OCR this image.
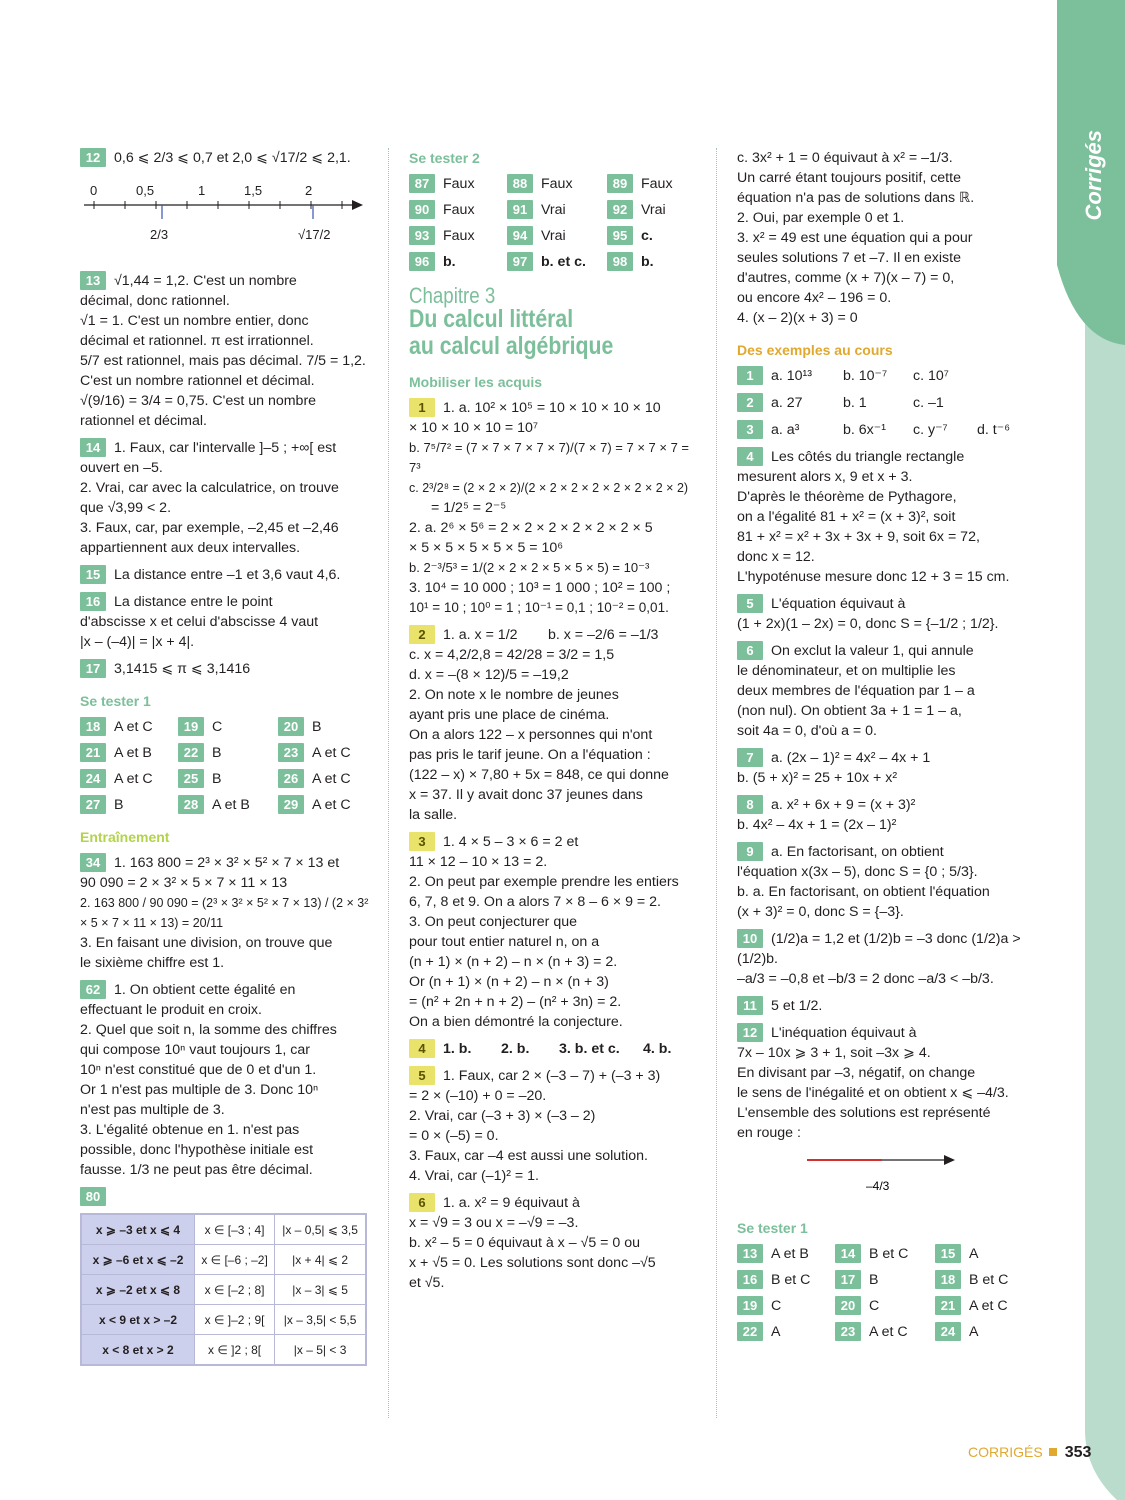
Corrigés
12 0,6 ⩽ 2/3 ⩽ 0,7 et 2,0 ⩽ √17/2 ⩽ 2,1.
0	0,5	1	1,5	2
2/3	√17/2
13 √1,44 = 1,2. C'est un nombre
décimal, donc rationnel.
√1 = 1. C'est un nombre entier, donc
décimal et rationnel. π est irrationnel.
5/7 est rationnel, mais pas décimal. 7/5 = 1,2.
C'est un nombre rationnel et décimal.
√(9/16) = 3/4 = 0,75. C'est un nombre
rationnel et décimal.
14 1. Faux, car l'intervalle ]–5 ; +∞[ est
ouvert en –5.
2. Vrai, car avec la calculatrice, on trouve
que √3,99 < 2.
3. Faux, car, par exemple, –2,45 et –2,46
appartiennent aux deux intervalles.
15 La distance entre –1 et 3,6 vaut 4,6.
16 La distance entre le point
d'abscisse x et celui d'abscisse 4 vaut
|x – (–4)| = |x + 4|.
17 3,1415 ⩽ π ⩽ 3,1416
Se tester 1
18 A et C	19 C	20 B
21 A et B	22 B	23 A et C
24 A et C	25 B	26 A et C
27 B	28 A et B	29 A et C
Entraînement
34 1. 163 800 = 2³ × 3² × 5² × 7 × 13 et
90 090 = 2 × 3² × 5 × 7 × 11 × 13
2. 163 800 / 90 090 = (2³ × 3² × 5² × 7 × 13) / (2 × 3² × 5 × 7 × 11 × 13) = 20/11
3. En faisant une division, on trouve que
le sixième chiffre est 1.
62 1. On obtient cette égalité en
effectuant le produit en croix.
2. Quel que soit n, la somme des chiffres
qui compose 10ⁿ vaut toujours 1, car
10ⁿ n'est constitué que de 0 et d'un 1.
Or 1 n'est pas multiple de 3. Donc 10ⁿ
n'est pas multiple de 3.
3. L'égalité obtenue en 1. n'est pas
possible, donc l'hypothèse initiale est
fausse. 1/3 ne peut pas être décimal.
80
x ⩾ –3 et x ⩽ 4	x ∈ [–3 ; 4]	|x – 0,5| ⩽ 3,5
x ⩾ –6 et x ⩽ –2	x ∈ [–6 ; –2]	|x + 4| ⩽ 2
x ⩾ –2 et x ⩽ 8	x ∈ [–2 ; 8]	|x – 3| ⩽ 5
x < 9 et x > –2	x ∈ ]–2 ; 9[	|x – 3,5| < 5,5
x < 8 et x > 2	x ∈ ]2 ; 8[	|x – 5| < 3
Se tester 2
87 Faux	88 Faux	89 Faux
90 Faux	91 Vrai	92 Vrai
93 Faux	94 Vrai	95 c.
96 b.	97 b. et c.	98 b.
Chapitre 3
Du calcul littéral
au calcul algébrique
Mobiliser les acquis
1 1. a. 10² × 10⁵ = 10 × 10 × 10 × 10
× 10 × 10 × 10 = 10⁷
b. 7⁵/7² = (7 × 7 × 7 × 7 × 7)/(7 × 7) = 7 × 7 × 7 = 7³
c. 2³/2⁸ = (2 × 2 × 2)/(2 × 2 × 2 × 2 × 2 × 2 × 2 × 2)
= 1/2⁵ = 2⁻⁵
2. a. 2⁶ × 5⁶ = 2 × 2 × 2 × 2 × 2 × 2 × 5
× 5 × 5 × 5 × 5 × 5 = 10⁶
b. 2⁻³/5³ = 1/(2 × 2 × 2 × 5 × 5 × 5) = 10⁻³
3. 10⁴ = 10 000 ; 10³ = 1 000 ; 10² = 100 ;
10¹ = 10 ; 10⁰ = 1 ; 10⁻¹ = 0,1 ; 10⁻² = 0,01.
2 1. a. x = 1/2 b. x = –2/6 = –1/3
c. x = 4,2/2,8 = 42/28 = 3/2 = 1,5
d. x = –(8 × 12)/5 = –19,2
2. On note x le nombre de jeunes
ayant pris une place de cinéma.
On a alors 122 – x personnes qui n'ont
pas pris le tarif jeune. On a l'équation :
(122 – x) × 7,80 + 5x = 848, ce qui donne
x = 37. Il y avait donc 37 jeunes dans
la salle.
3 1. 4 × 5 – 3 × 6 = 2 et
11 × 12 – 10 × 13 = 2.
2. On peut par exemple prendre les entiers
6, 7, 8 et 9. On a alors 7 × 8 – 6 × 9 = 2.
3. On peut conjecturer que
pour tout entier naturel n, on a
(n + 1) × (n + 2) – n × (n + 3) = 2.
Or (n + 1) × (n + 2) – n × (n + 3)
= (n² + 2n + n + 2) – (n² + 3n) = 2.
On a bien démontré la conjecture.
4 1. b. 2. b. 3. b. et c. 4. b.
5 1. Faux, car 2 × (–3 – 7) + (–3 + 3)
= 2 × (–10) + 0 = –20.
2. Vrai, car (–3 + 3) × (–3 – 2)
= 0 × (–5) = 0.
3. Faux, car –4 est aussi une solution.
4. Vrai, car (–1)² = 1.
6 1. a. x² = 9 équivaut à
x = √9 = 3 ou x = –√9 = –3.
b. x² – 5 = 0 équivaut à x – √5 = 0 ou
x + √5 = 0. Les solutions sont donc –√5
et √5.
c. 3x² + 1 = 0 équivaut à x² = –1/3.
Un carré étant toujours positif, cette
équation n'a pas de solutions dans ℝ.
2. Oui, par exemple 0 et 1.
3. x² = 49 est une équation qui a pour
seules solutions 7 et –7. Il en existe
d'autres, comme (x + 7)(x – 7) = 0,
ou encore 4x² – 196 = 0.
4. (x – 2)(x + 3) = 0
Des exemples au cours
1 a. 10¹³ b. 10⁻⁷ c. 10⁷
2 a. 27	b. 1	c. –1
3 a. a³	b. 6x⁻¹ c. y⁻⁷ d. t⁻⁶
4 Les côtés du triangle rectangle
mesurent alors x, 9 et x + 3.
D'après le théorème de Pythagore,
on a l'égalité 81 + x² = (x + 3)², soit
81 + x² = x² + 3x + 3x + 9, soit 6x = 72,
donc x = 12.
L'hypoténuse mesure donc 12 + 3 = 15 cm.
5 L'équation équivaut à
(1 + 2x)(1 – 2x) = 0, donc S = {–1/2 ; 1/2}.
6 On exclut la valeur 1, qui annule
le dénominateur, et on multiplie les
deux membres de l'équation par 1 – a
(non nul). On obtient 3a + 1 = 1 – a,
soit 4a = 0, d'où a = 0.
7 a. (2x – 1)² = 4x² – 4x + 1
b. (5 + x)² = 25 + 10x + x²
8 a. x² + 6x + 9 = (x + 3)²
b. 4x² – 4x + 1 = (2x – 1)²
9 a. En factorisant, on obtient
l'équation x(3x – 5), donc S = {0 ; 5/3}.
b. a. En factorisant, on obtient l'équation
(x + 3)² = 0, donc S = {–3}.
10 (1/2)a = 1,2 et (1/2)b = –3 donc (1/2)a > (1/2)b.
–a/3 = –0,8 et –b/3 = 2 donc –a/3 < –b/3.
11 5 et 1/2.
12 L'inéquation équivaut à
7x – 10x ⩾ 3 + 1, soit –3x ⩾ 4.
En divisant par –3, négatif, on change
le sens de l'inégalité et on obtient x ⩽ –4/3.
L'ensemble des solutions est représenté
en rouge :
–4/3
Se tester 1
13 A et B	14 B et C	15 A
16 B et C	17 B	18 B et C
19 C	20 C	21 A et C
22 A	23 A et C	24 A
CORRIGÉS 353
